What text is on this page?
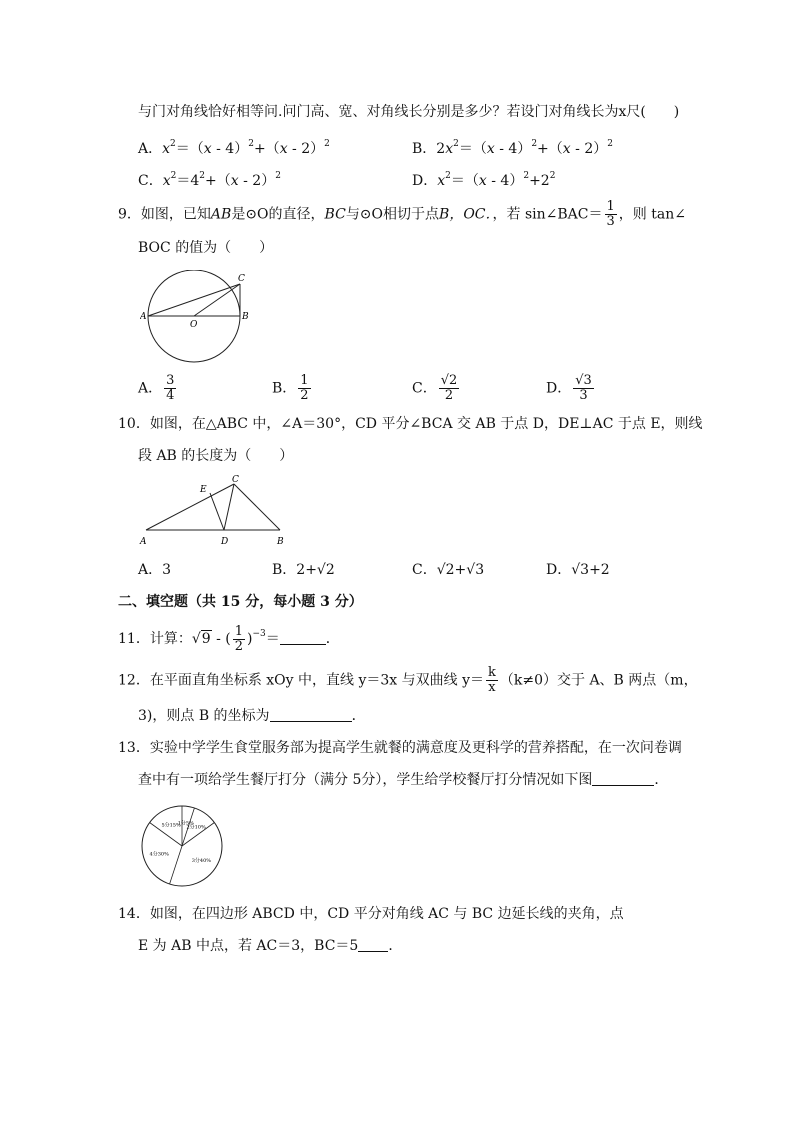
与门对角线恰好相等问.问门高、宽、对角线长分别是多少？若设门对角线长为x尺(　　)
A．$x^2=(x - 4)^2+(x - 2)^2$	B．$2x^2=(x - 4)^2+(x - 2)^2$
C．$x^2=4^2+(x - 2)^2$	D．$x^2=(x - 4)^2+2^2$
9．如图，已知AB是⊙O的直径，BC与⊙O相切于点B，OC．，若 sin∠BAC＝ $\frac{1}{3}$ ，则 tan∠
BOC 的值为（　　）
A
O
B
C
A． $\frac{3}{4}$	B． $\frac{1}{2}$	C． $\frac{√2}{2}$	D． $\frac{√3}{3}$
10．如图，在△ABC 中，∠A＝30°，CD 平分∠BCA 交 AB 于点 D，DE⊥AC 于点 E，则线
段 AB 的长度为（　　）
A	D	B
C
E
A．3	B．2+√2	C．√2+√3	D．√3+2
二、填空题（共 15 分，每小题 3 分）
11．计算：√9 - ( $\frac{1}{2} )^{-3}=$	．
12．在平面直角坐标系 xOy 中，直线 y＝3x 与双曲线 $y= \frac{k}{x} (k\ne 0)$交于 A、B 两点（m，
3)，则点 B 的坐标为	．
13．实验中学学生食堂服务部为提高学生就餐的满意度及更科学的营养搭配，在一次问卷调
查中有一项给学生餐厅打分（满分 5分），学生给学校餐厅打分情况如下图	．
1分5%
2分10%
3分40%
4分30%
5分15%
14．如图，在四边形 ABCD 中，CD 平分对角线 AC 与 BC 边延长线的夹角，点
E 为 AB 中点，若 AC＝3，BC＝5 ．
